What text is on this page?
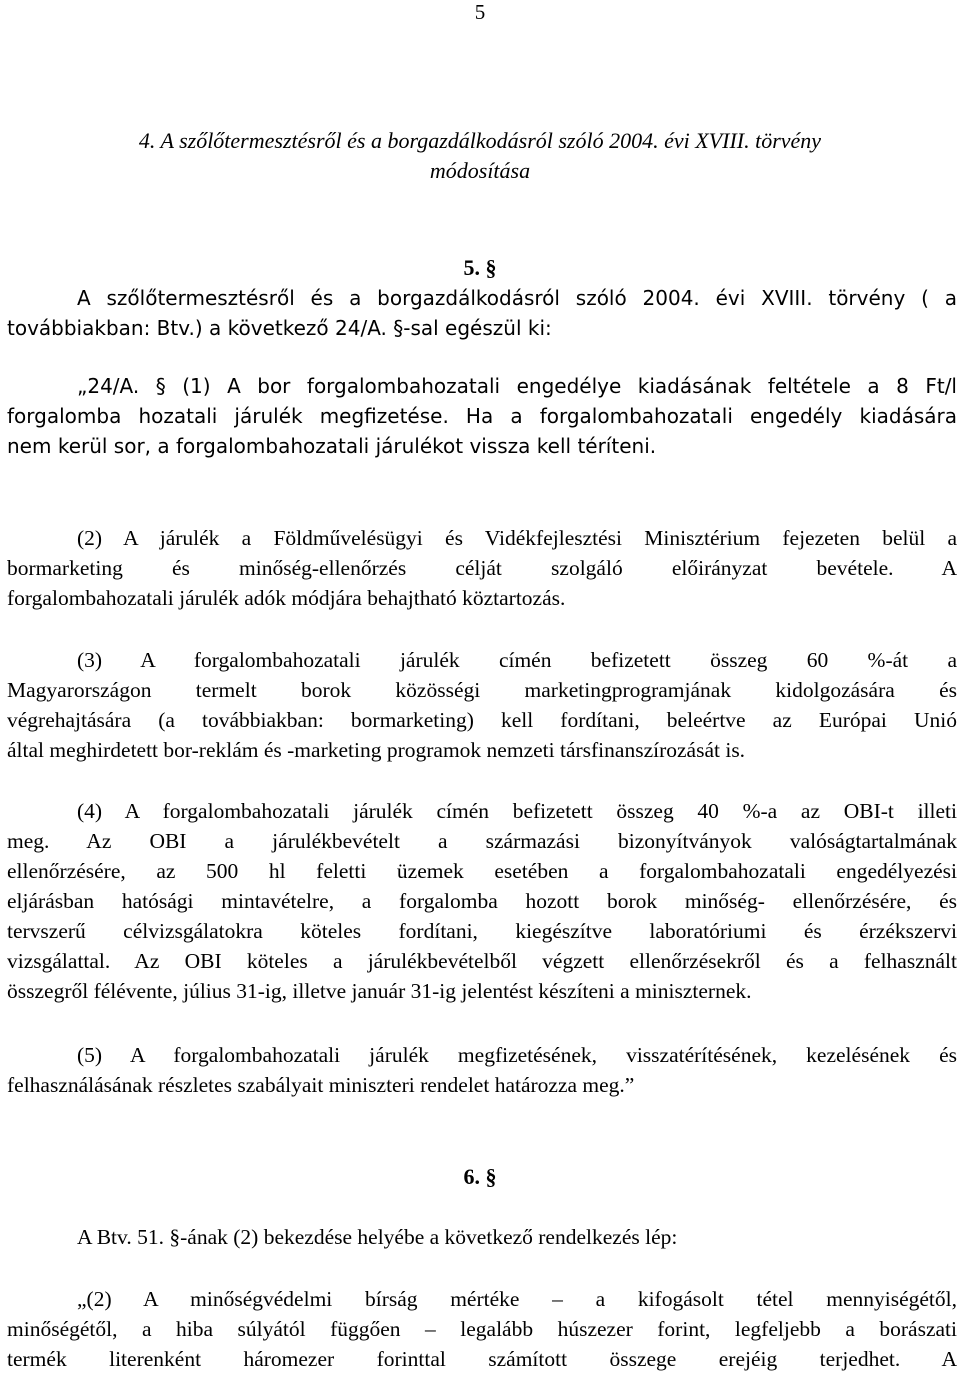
5
4. A szőlőtermesztésről és a borgazdálkodásról szóló 2004. évi XVIII. törvény
módosítása
5. §
A szőlőtermesztésről és a borgazdálkodásról szóló 2004. évi XVIII. törvény ( a
továbbiakban: Btv.) a következő 24/A. §-sal egészül ki:
„24/A. § (1) A bor forgalombahozatali engedélye kiadásának feltétele a 8 Ft/l
forgalomba hozatali járulék megfizetése. Ha a forgalombahozatali engedély kiadására
nem kerül sor, a forgalombahozatali járulékot vissza kell téríteni.
(2) A járulék a Földművelésügyi és Vidékfejlesztési Minisztérium fejezeten belül a
bormarketing és minőség-ellenőrzés célját szolgáló előirányzat bevétele. A
forgalombahozatali járulék adók módjára behajtható köztartozás.
(3) A forgalombahozatali járulék címén befizetett összeg 60 %-át a
Magyarországon termelt borok közösségi marketingprogramjának kidolgozására és
végrehajtására (a továbbiakban: bormarketing) kell fordítani, beleértve az Európai Unió
által meghirdetett bor-reklám és -marketing programok nemzeti társfinanszírozását is.
(4) A forgalombahozatali járulék címén befizetett összeg 40 %-a az OBI-t illeti
meg. Az OBI a járulékbevételt a származási bizonyítványok valóságtartalmának
ellenőrzésére, az 500 hl feletti üzemek esetében a forgalombahozatali engedélyezési
eljárásban hatósági mintavételre, a forgalomba hozott borok minőség- ellenőrzésére, és
tervszerű célvizsgálatokra köteles fordítani, kiegészítve laboratóriumi és érzékszervi
vizsgálattal. Az OBI köteles a járulékbevételből végzett ellenőrzésekről és a felhasznált
összegről félévente, július 31-ig, illetve január 31-ig jelentést készíteni a miniszternek.
(5) A forgalombahozatali járulék megfizetésének, visszatérítésének, kezelésének és
felhasználásának részletes szabályait miniszteri rendelet határozza meg.”
6. §
A Btv. 51. §-ának (2) bekezdése helyébe a következő rendelkezés lép:
„(2) A minőségvédelmi bírság mértéke – a kifogásolt tétel mennyiségétől,
minőségétől, a hiba súlyától függően – legalább húszezer forint, legfeljebb a borászati
termék literenként háromezer forinttal számított összege erejéig terjedhet. A
